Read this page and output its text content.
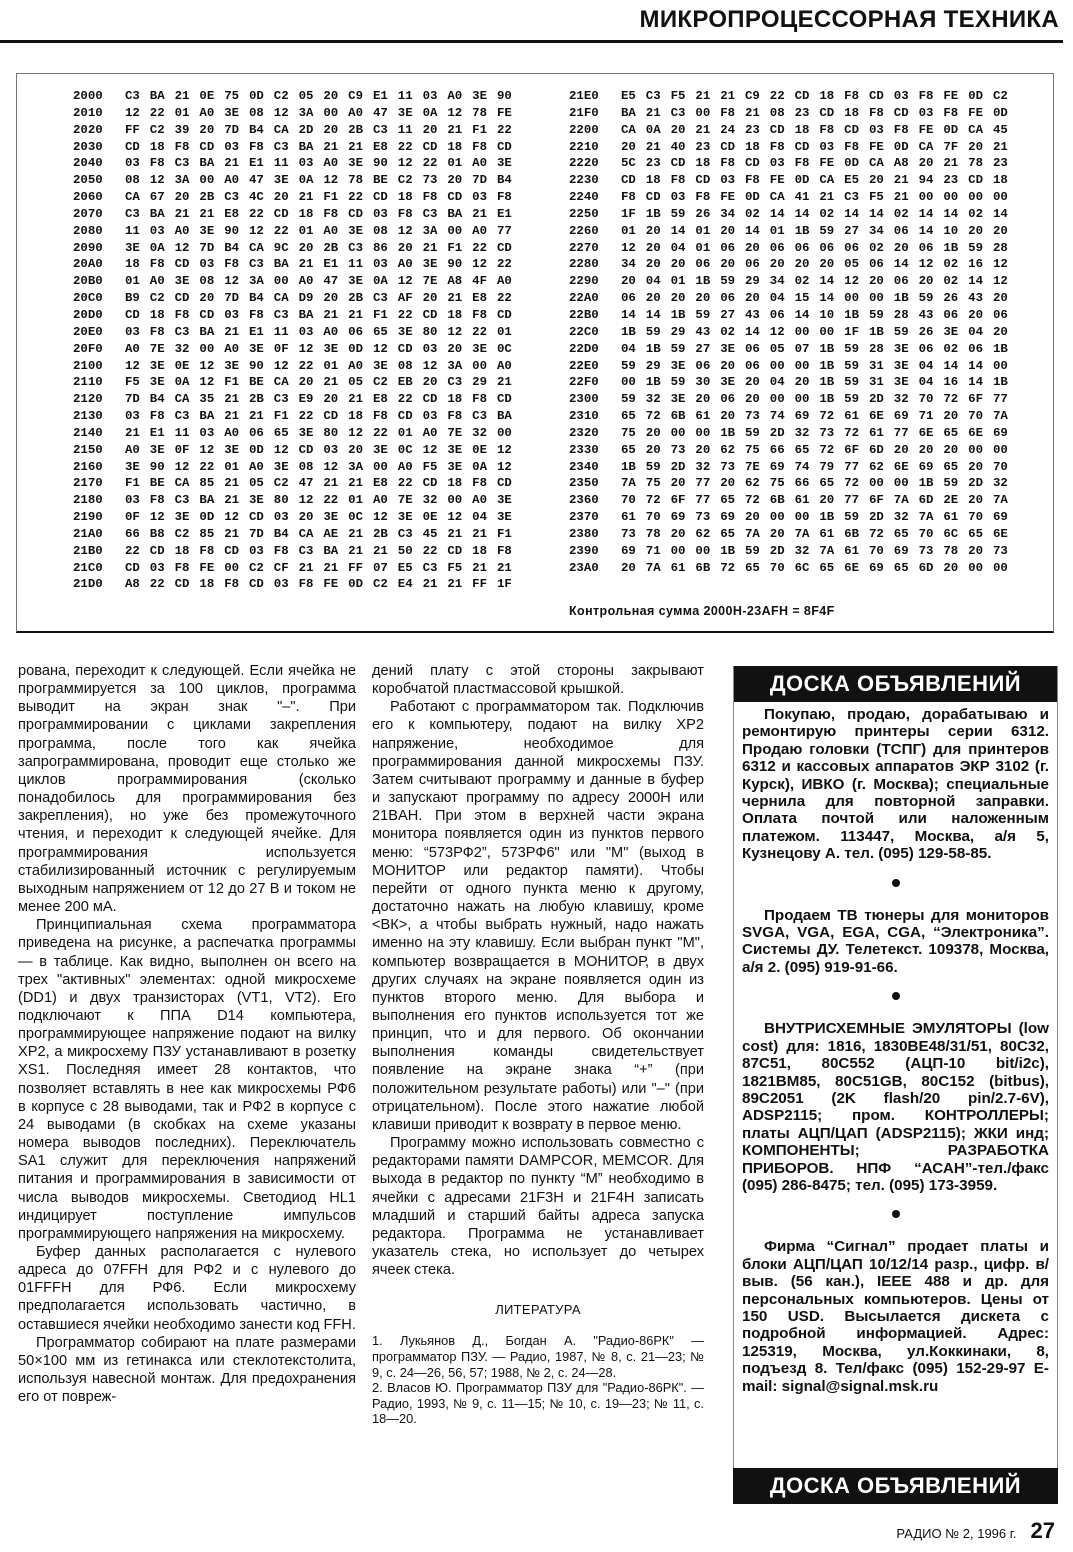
МИКРОПРОЦЕССОРНАЯ ТЕХНИКА
2000	C3 BA 21 0E 75 0D C2 05 20 C9 E1 11 03 A0 3E 90
2010	12 22 01 A0 3E 08 12 3A 00 A0 47 3E 0A 12 78 FE
2020	FF C2 39 20 7D B4 CA 2D 20 2B C3 11 20 21 F1 22
2030	CD 18 F8 CD 03 F8 C3 BA 21 21 E8 22 CD 18 F8 CD
2040	03 F8 C3 BA 21 E1 11 03 A0 3E 90 12 22 01 A0 3E
2050	08 12 3A 00 A0 47 3E 0A 12 78 BE C2 73 20 7D B4
2060	CA 67 20 2B C3 4C 20 21 F1 22 CD 18 F8 CD 03 F8
2070	C3 BA 21 21 E8 22 CD 18 F8 CD 03 F8 C3 BA 21 E1
2080	11 03 A0 3E 90 12 22 01 A0 3E 08 12 3A 00 A0 77
2090	3E 0A 12 7D B4 CA 9C 20 2B C3 86 20 21 F1 22 CD
20A0	18 F8 CD 03 F8 C3 BA 21 E1 11 03 A0 3E 90 12 22
20B0	01 A0 3E 08 12 3A 00 A0 47 3E 0A 12 7E A8 4F A0
20C0	B9 C2 CD 20 7D B4 CA D9 20 2B C3 AF 20 21 E8 22
20D0	CD 18 F8 CD 03 F8 C3 BA 21 21 F1 22 CD 18 F8 CD
20E0	03 F8 C3 BA 21 E1 11 03 A0 06 65 3E 80 12 22 01
20F0	A0 7E 32 00 A0 3E 0F 12 3E 0D 12 CD 03 20 3E 0C
2100	12 3E 0E 12 3E 90 12 22 01 A0 3E 08 12 3A 00 A0
2110	F5 3E 0A 12 F1 BE CA 20 21 05 C2 EB 20 C3 29 21
2120	7D B4 CA 35 21 2B C3 E9 20 21 E8 22 CD 18 F8 CD
2130	03 F8 C3 BA 21 21 F1 22 CD 18 F8 CD 03 F8 C3 BA
2140	21 E1 11 03 A0 06 65 3E 80 12 22 01 A0 7E 32 00
2150	A0 3E 0F 12 3E 0D 12 CD 03 20 3E 0C 12 3E 0E 12
2160	3E 90 12 22 01 A0 3E 08 12 3A 00 A0 F5 3E 0A 12
2170	F1 BE CA 85 21 05 C2 47 21 21 E8 22 CD 18 F8 CD
2180	03 F8 C3 BA 21 3E 80 12 22 01 A0 7E 32 00 A0 3E
2190	0F 12 3E 0D 12 CD 03 20 3E 0C 12 3E 0E 12 04 3E
21A0	66 B8 C2 85 21 7D B4 CA AE 21 2B C3 45 21 21 F1
21B0	22 CD 18 F8 CD 03 F8 C3 BA 21 21 50 22 CD 18 F8
21C0	CD 03 F8 FE 00 C2 CF 21 21 FF 07 E5 C3 F5 21 21
21D0	A8 22 CD 18 F8 CD 03 F8 FE 0D C2 E4 21 21 FF 1F
21E0	E5 C3 F5 21 21 C9 22 CD 18 F8 CD 03 F8 FE 0D C2
21F0	BA 21 C3 00 F8 21 08 23 CD 18 F8 CD 03 F8 FE 0D
2200	CA 0A 20 21 24 23 CD 18 F8 CD 03 F8 FE 0D CA 45
2210	20 21 40 23 CD 18 F8 CD 03 F8 FE 0D CA 7F 20 21
2220	5C 23 CD 18 F8 CD 03 F8 FE 0D CA A8 20 21 78 23
2230	CD 18 F8 CD 03 F8 FE 0D CA E5 20 21 94 23 CD 18
2240	F8 CD 03 F8 FE 0D CA 41 21 C3 F5 21 00 00 00 00
2250	1F 1B 59 26 34 02 14 14 02 14 14 02 14 14 02 14
2260	01 20 14 01 20 14 01 1B 59 27 34 06 14 10 20 20
2270	12 20 04 01 06 20 06 06 06 06 02 20 06 1B 59 28
2280	34 20 20 06 20 06 20 20 20 05 06 14 12 02 16 12
2290	20 04 01 1B 59 29 34 02 14 12 20 06 20 02 14 12
22A0	06 20 20 20 06 20 04 15 14 00 00 1B 59 26 43 20
22B0	14 14 1B 59 27 43 06 14 10 1B 59 28 43 06 20 06
22C0	1B 59 29 43 02 14 12 00 00 1F 1B 59 26 3E 04 20
22D0	04 1B 59 27 3E 06 05 07 1B 59 28 3E 06 02 06 1B
22E0	59 29 3E 06 20 06 00 00 1B 59 31 3E 04 14 14 00
22F0	00 1B 59 30 3E 20 04 20 1B 59 31 3E 04 16 14 1B
2300	59 32 3E 20 06 20 00 00 1B 59 2D 32 70 72 6F 77
2310	65 72 6B 61 20 73 74 69 72 61 6E 69 71 20 70 7A
2320	75 20 00 00 1B 59 2D 32 73 72 61 77 6E 65 6E 69
2330	65 20 73 20 62 75 66 65 72 6F 6D 20 20 20 00 00
2340	1B 59 2D 32 73 7E 69 74 79 77 62 6E 69 65 20 70
2350	7A 75 20 77 20 62 75 66 65 72 00 00 1B 59 2D 32
2360	70 72 6F 77 65 72 6B 61 20 77 6F 7A 6D 2E 20 7A
2370	61 70 69 73 69 20 00 00 1B 59 2D 32 7A 61 70 69
2380	73 78 20 62 65 7A 20 7A 61 6B 72 65 70 6C 65 6E
2390	69 71 00 00 1B 59 2D 32 7A 61 70 69 73 78 20 73
23A0	20 7A 61 6B 72 65 70 6C 65 6E 69 65 6D 20 00 00
Контрольная сумма 2000H-23AFH = 8F4F

рована, переходит к следующей. Если ячейка не программируется за 100 циклов, программа выводит на экран знак "–". При программировании с циклами закрепления программа, после того как ячейка запрограммирована, проводит еще столько же циклов программирования (сколько понадобилось для программирования без закрепления), но уже без промежуточного чтения, и переходит к следующей ячейке. Для программирования используется стабилизированный источник с регулируемым выходным напряжением от 12 до 27 В и током не менее 200 мА.

Принципиальная схема программатора приведена на рисунке, а распечатка программы — в таблице. Как видно, выполнен он всего на трех "активных" элементах: одной микросхеме (DD1) и двух транзисторах (VT1, VT2). Его подключают к ППА D14 компьютера, программирующее напряжение подают на вилку XP2, а микросхему ПЗУ устанавливают в розетку XS1. Последняя имеет 28 контактов, что позволяет вставлять в нее как микросхемы РФ6 в корпусе с 28 выводами, так и РФ2 в корпусе с 24 выводами (в скобках на схеме указаны номера выводов последних). Переключатель SA1 служит для переключения напряжений питания и программирования в зависимости от числа выводов микросхемы. Светодиод HL1 индицирует поступление импульсов программирующего напряжения на микросхему.

Буфер данных располагается с нулевого адреса до 07FFH для РФ2 и с нулевого до 01FFFH для РФ6. Если микросхему предполагается использовать частично, в оставшиеся ячейки необходимо занести код FFH.

Программатор собирают на плате размерами 50×100 мм из гетинакса или стеклотекстолита, используя навесной монтаж. Для предохранения его от повреж-

дений плату с этой стороны закрывают коробчатой пластмассовой крышкой.

Работают с программатором так. Подключив его к компьютеру, подают на вилку XP2 напряжение, необходимое для программирования данной микросхемы ПЗУ. Затем считывают программу и данные в буфер и запускают программу по адресу 2000H или 21BAH. При этом в верхней части экрана монитора появляется один из пунктов первого меню: “573РФ2”, 573РФ6" или "М" (выход в МОНИТОР или редактор памяти). Чтобы перейти от одного пункта меню к другому, достаточно нажать на любую клавишу, кроме <ВК>, а чтобы выбрать нужный, надо нажать именно на эту клавишу. Если выбран пункт "М", компьютер возвращается в МОНИТОР, в двух других случаях на экране появляется один из пунктов второго меню. Для выбора и выполнения его пунктов используется тот же принцип, что и для первого. Об окончании выполнения команды свидетельствует появление на экране знака “+” (при положительном результате работы) или "–" (при отрицательном). После этого нажатие любой клавиши приводит к возврату в первое меню.

Программу можно использовать совместно с редакторами памяти DAMPCOR, MEMCOR. Для выхода в редактор по пункту “М” необходимо в ячейки с адресами 21F3H и 21F4H записать младший и старший байты адреса запуска редактора. Программа не устанавливает указатель стека, но использует до четырех ячеек стека.

ЛИТЕРАТУРА

1. Лукьянов Д., Богдан А. "Радио-86РК" — программатор ПЗУ. — Радио, 1987, № 8, с. 21—23; № 9, с. 24—26, 56, 57; 1988, № 2, с. 24—28.

2. Власов Ю. Программатор ПЗУ для "Радио-86РК". — Радио, 1993, № 9, с. 11—15; № 10, с. 19—23; № 11, с. 18—20.

ДОСКА ОБЪЯВЛЕНИЙ

Покупаю, продаю, дорабатываю и ремонтирую принтеры серии 6312. Продаю головки (ТСПГ) для принтеров 6312 и кассовых аппаратов ЭКР 3102 (г. Курск), ИВКО (г. Москва); специальные чернила для повторной заправки. Оплата почтой или наложенным платежом. 113447, Москва, а/я 5, Кузнецову А. тел. (095) 129-58-85.

Продаем ТВ тюнеры для мониторов SVGA, VGA, EGA, CGA, “Электроника”. Системы ДУ. Телетекст. 109378, Москва, а/я 2. (095) 919-91-66.

ВНУТРИСХЕМНЫЕ ЭМУЛЯТОРЫ (low cost) для: 1816, 1830ВЕ48/31/51, 80С32, 87С51, 80С552 (АЦП-10 bit/i2c), 1821ВМ85, 80С51GB, 80С152 (bitbus), 89С2051 (2K flash/20 pin/2.7-6V), ADSP2115; пром. КОНТРОЛЛЕРЫ; платы АЦП/ЦАП (ADSP2115); ЖКИ инд; КОМПОНЕНТЫ; РАЗРАБОТКА ПРИБОРОВ. НПФ “АСАН”-тел./факс (095) 286-8475; тел. (095) 173-3959.

Фирма “Сигнал” продает платы и блоки АЦП/ЦАП 10/12/14 разр., цифр. в/выв. (56 кан.), IEEE 488 и др. для персональных компьютеров. Цены от 150 USD. Высылается дискета с подробной информацией. Адрес: 125319, Москва, ул.Коккинаки, 8, подъезд 8. Тел/факс (095) 152-29-97 E-mail: signal@signal.msk.ru

ДОСКА ОБЪЯВЛЕНИЙ
РАДИО № 2, 1996 г. 27
